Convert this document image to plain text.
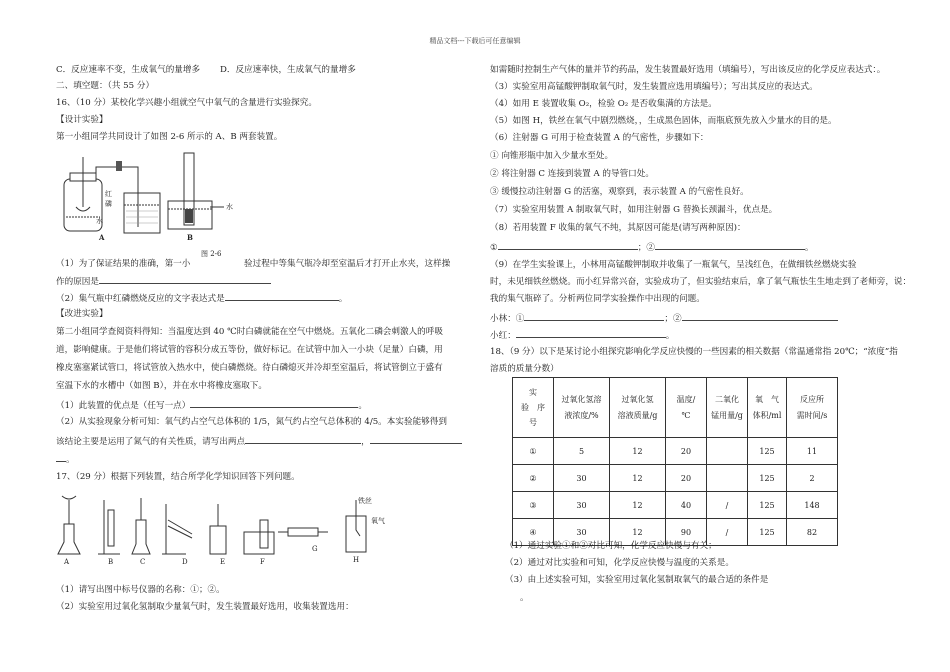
精品文档---下载后可任意编辑
C．反应速率不变，生成氧气的量增多 D．反应速率快，生成氧气的量增多
二、填空题：（共 55 分）
16、（10 分）某校化学兴趣小组就空气中氧气的含量进行实验探究。
【设计实验】
第一小组同学共同设计了如图 2-6 所示的 A、B 两套装置。
红
磷
水
水
A	B
图 2-6
（1）为了保证结果的准确，第一小	验过程中等集气瓶冷却至室温后才打开止水夹，这样操
作的原因是
（2）集气瓶中红磷燃烧反应的文字表达式是	。
【改进实验】
第二小组同学查阅资料得知：当温度达到 40 ℃时白磷就能在空气中燃烧。五氧化二磷会刺激人的呼吸
道，影响健康。于是他们将试管的容积分成五等份，做好标记。在试管中加入一小块（足量）白磷，用
橡皮塞塞紧试管口，将试管放入热水中，使白磷燃烧。待白磷熄灭并冷却至室温后，将试管倒立于盛有
室温下水的水槽中（如图 B），并在水中将橡皮塞取下。
（1）此装置的优点是（任写一点）	。
（2）从实验现象分析可知：氧气约占空气总体积的 1/5，氮气约占空气总体积的 4/5。本实验能够得到
该结论主要是运用了氮气的有关性质，请写出两点	，
。
17、（29 分）根据下列装置，结合所学化学知识回答下列问题。
铁丝
氧气
A	B	C	D	E	F
G
H
（1）请写出图中标号仪器的名称：①；②。
（2）实验室用过氧化氢制取少量氧气时，发生装置最好选用，收集装置选用：
如需随时控制生产气体的量并节约药品，发生装置最好选用（填编号），写出该反应的化学反应表达式：。
（3）实验室用高锰酸钾制取氧气时，发生装置应选用填编号）；写出其反应的表达式。
（4）如用 E 装置收集 O₂，检验 O₂ 是否收集满的方法是。
（5）如图 H，铁丝在氧气中剧烈燃烧，，生成黑色固体，而瓶底预先放入少量水的目的是。
（6）注射器 G 可用于检查装置 A 的气密性，步骤如下：
① 向锥形瓶中加入少量水至处。
② 将注射器 C 连接到装置 A 的导管口处。
③ 缓慢拉动注射器 G 的活塞，观察到，表示装置 A 的气密性良好。
（7）实验室用装置 A 制取氧气时，如用注射器 G 替换长颈漏斗，优点是。
（8）若用装置 F 收集的氧气不纯，其原因可能是(请写两种原因)：
①	；②	。
（9）在学生实验课上，小林用高锰酸钾制取并收集了一瓶氧气，呈浅红色，在做细铁丝燃烧实验
时，未见细铁丝燃烧。而小红异常兴奋，实验成功了，但实验结束后，拿了氧气瓶怯生生地走到了老师旁，说：
我的集气瓶碎了。分析两位同学实验操作中出现的问题。
小林：①	；②
小红：	。
18、（9 分）以下是某讨论小组探究影响化学反应快慢的一些因素的相关数据（常温通常指 20℃；“浓度”指
溶质的质量分数）
实
验　序
号	过氧化氢溶
液浓度/%	过氧化氢
溶液质量/g	温度/
℃	二氧化
锰用量/g	氧　气
体积/ml	反应所
需时间/s
①	5	12	20		125	11
②	30	12	20		125	2
③	30	12	40	/	125	148
④	30	12	90	/	125	82
（1）通过实验①和②对比可知，化学反应快慢与有关；
（2）通过对比实验和可知，化学反应快慢与温度的关系是。
（3）由上述实验可知，实验室用过氧化氢制取氧气的最合适的条件是
。
